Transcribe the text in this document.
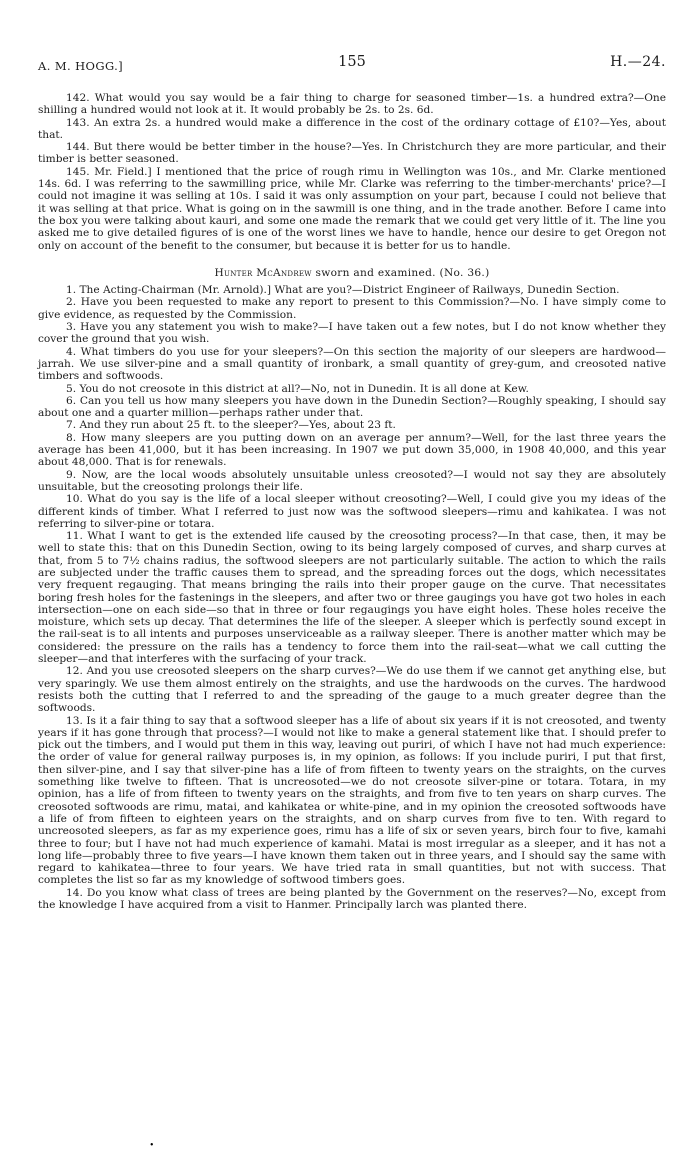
A. M. HOGG.]	155	H.—24.

142. What would you say would be a fair thing to charge for seasoned timber—1s. a hundred extra?—One shilling a hundred would not look at it. It would probably be 2s. to 2s. 6d.

143. An extra 2s. a hundred would make a difference in the cost of the ordinary cottage of £10?—Yes, about that.

144. But there would be better timber in the house?—Yes. In Christchurch they are more particular, and their timber is better seasoned.

145. Mr. Field.] I mentioned that the price of rough rimu in Wellington was 10s., and Mr. Clarke mentioned 14s. 6d. I was referring to the sawmilling price, while Mr. Clarke was referring to the timber-merchants' price?—I could not imagine it was selling at 10s. I said it was only assumption on your part, because I could not believe that it was selling at that price. What is going on in the sawmill is one thing, and in the trade another. Before I came into the box you were talking about kauri, and some one made the remark that we could get very little of it. The line you asked me to give detailed figures of is one of the worst lines we have to handle, hence our desire to get Oregon not only on account of the benefit to the consumer, but because it is better for us to handle.

Hunter McAndrew sworn and examined. (No. 36.)

1. The Acting-Chairman (Mr. Arnold).] What are you?—District Engineer of Railways, Dunedin Section.

2. Have you been requested to make any report to present to this Commission?—No. I have simply come to give evidence, as requested by the Commission.

3. Have you any statement you wish to make?—I have taken out a few notes, but I do not know whether they cover the ground that you wish.

4. What timbers do you use for your sleepers?—On this section the majority of our sleepers are hardwood—jarrah. We use silver-pine and a small quantity of ironbark, a small quantity of grey-gum, and creosoted native timbers and softwoods.

5. You do not creosote in this district at all?—No, not in Dunedin. It is all done at Kew.

6. Can you tell us how many sleepers you have down in the Dunedin Section?—Roughly speaking, I should say about one and a quarter million—perhaps rather under that.

7. And they run about 25 ft. to the sleeper?—Yes, about 23 ft.

8. How many sleepers are you putting down on an average per annum?—Well, for the last three years the average has been 41,000, but it has been increasing. In 1907 we put down 35,000, in 1908 40,000, and this year about 48,000. That is for renewals.

9. Now, are the local woods absolutely unsuitable unless creosoted?—I would not say they are absolutely unsuitable, but the creosoting prolongs their life.

10. What do you say is the life of a local sleeper without creosoting?—Well, I could give you my ideas of the different kinds of timber. What I referred to just now was the softwood sleepers—rimu and kahikatea. I was not referring to silver-pine or totara.

11. What I want to get is the extended life caused by the creosoting process?—In that case, then, it may be well to state this: that on this Dunedin Section, owing to its being largely composed of curves, and sharp curves at that, from 5 to 7½ chains radius, the softwood sleepers are not particularly suitable. The action to which the rails are subjected under the traffic causes them to spread, and the spreading forces out the dogs, which necessitates very frequent regauging. That means bringing the rails into their proper gauge on the curve. That necessitates boring fresh holes for the fastenings in the sleepers, and after two or three gaugings you have got two holes in each intersection—one on each side—so that in three or four regaugings you have eight holes. These holes receive the moisture, which sets up decay. That determines the life of the sleeper. A sleeper which is perfectly sound except in the rail-seat is to all intents and purposes unserviceable as a railway sleeper. There is another matter which may be considered: the pressure on the rails has a tendency to force them into the rail-seat—what we call cutting the sleeper—and that interferes with the surfacing of your track.

12. And you use creosoted sleepers on the sharp curves?—We do use them if we cannot get anything else, but very sparingly. We use them almost entirely on the straights, and use the hardwoods on the curves. The hardwood resists both the cutting that I referred to and the spreading of the gauge to a much greater degree than the softwoods.

13. Is it a fair thing to say that a softwood sleeper has a life of about six years if it is not creosoted, and twenty years if it has gone through that process?—I would not like to make a general statement like that. I should prefer to pick out the timbers, and I would put them in this way, leaving out puriri, of which I have not had much experience: the order of value for general railway purposes is, in my opinion, as follows: If you include puriri, I put that first, then silver-pine, and I say that silver-pine has a life of from fifteen to twenty years on the straights, on the curves something like twelve to fifteen. That is uncreosoted—we do not creosote silver-pine or totara. Totara, in my opinion, has a life of from fifteen to twenty years on the straights, and from five to ten years on sharp curves. The creosoted softwoods are rimu, matai, and kahikatea or white-pine, and in my opinion the creosoted softwoods have a life of from fifteen to eighteen years on the straights, and on sharp curves from five to ten. With regard to uncreosoted sleepers, as far as my experience goes, rimu has a life of six or seven years, birch four to five, kamahi three to four; but I have not had much experience of kamahi. Matai is most irregular as a sleeper, and it has not a long life—probably three to five years—I have known them taken out in three years, and I should say the same with regard to kahikatea—three to four years. We have tried rata in small quantities, but not with success. That completes the list so far as my knowledge of softwood timbers goes.

14. Do you know what class of trees are being planted by the Government on the reserves?—No, except from the knowledge I have acquired from a visit to Hanmer. Principally larch was planted there.

•
